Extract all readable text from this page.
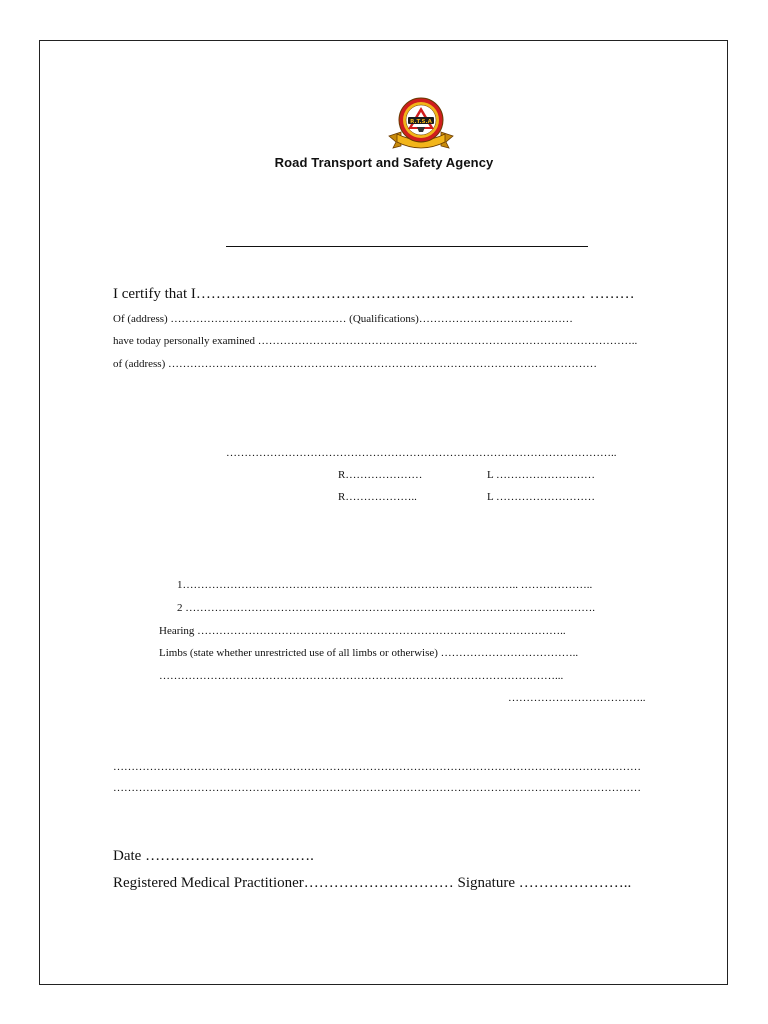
R.T.S.A
Road Transport and Safety Agency
I certify that I…………………………………………………………………… ………
Of (address) ………………………………………… (Qualifications)……………………………………
have today personally examined …………………………………………………………………………………………..
of (address) ………………………………………………………………………………………………………
……………………………………………………………………………………………..
R…………………	L ………………………
R………………..	L ………………………
1……………………………………………………………………………….. ………………..
2 ………………………………………………………………………………………………….
Hearing ………………………………………………………………………………………..
Limbs (state whether unrestricted use of all limbs or otherwise) ………………………………..
………………………………………………………………………………………………...
………………………………..
………………………………………………………………………………………………………………………………
………………………………………………………………………………………………………………………………
Date …………………………….
Registered Medical Practitioner………………………… Signature …………………..
